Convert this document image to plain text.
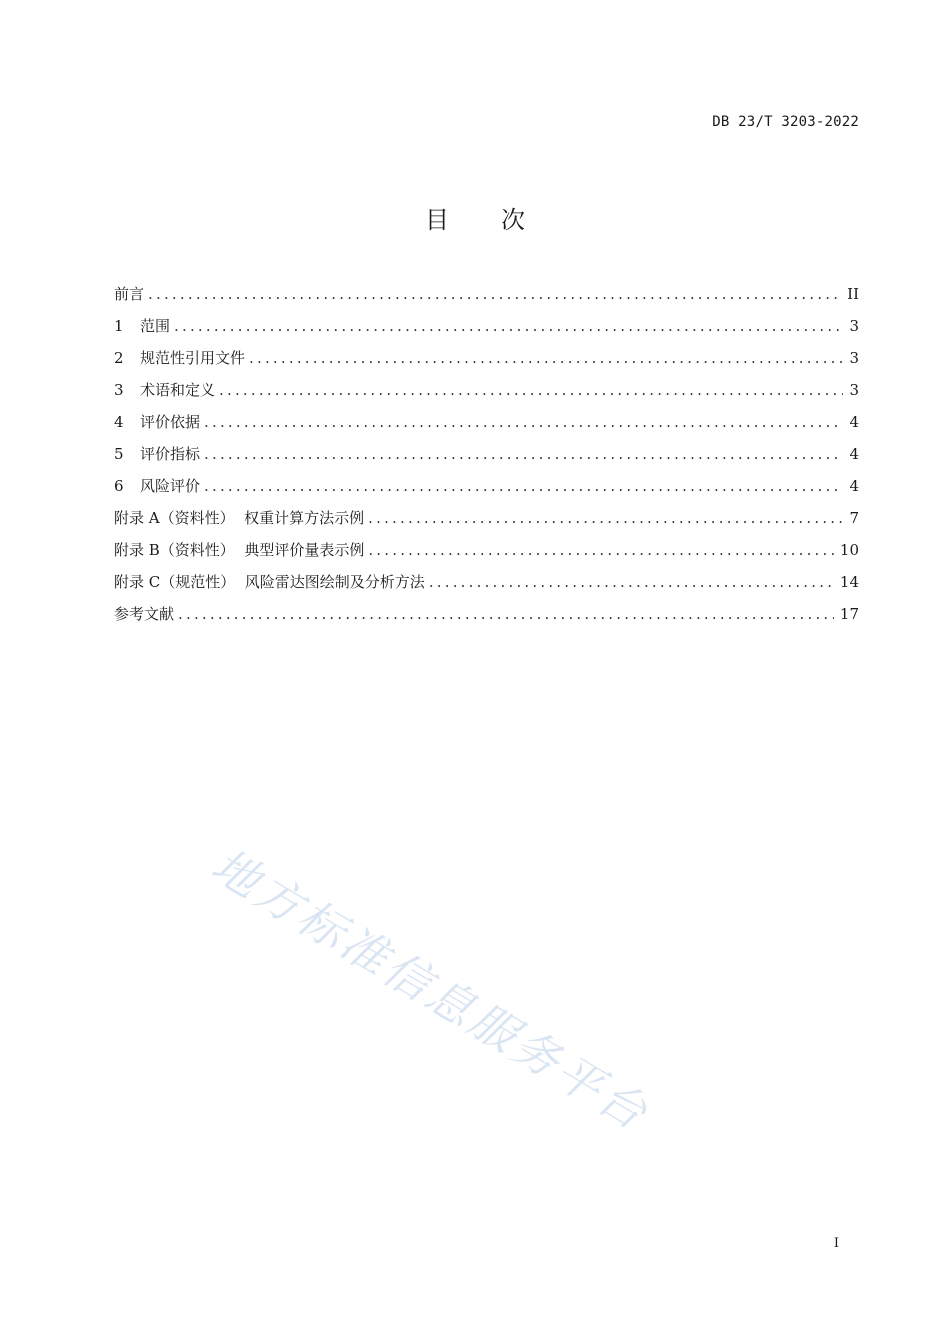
DB 23/T 3203-2022
目 次
前言 .....	II
1	范围 .....	3
2	规范性引用文件 .....	3
3	术语和定义 .....	3
4	评价依据 .....	4
5	评价指标 .....	4
6	风险评价 .....	4
附录 A（资料性） 权重计算方法示例 .....	7
附录 B（资料性） 典型评价量表示例 .....	10
附录 C（规范性） 风险雷达图绘制及分析方法 .....	14
参考文献 .....	17
地方标准信息服务平台
I
